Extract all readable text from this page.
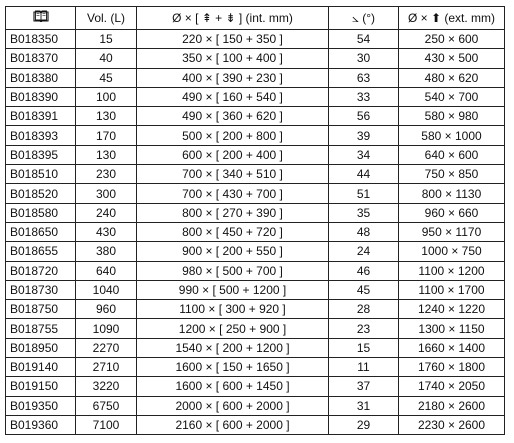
	Vol. (L)	Ø × [ ⇞ + ⇟ ] (int. mm)	⦣ (°)	Ø × ⬆ (ext. mm)
B018350	15	220 × [ 150 + 350 ]	54	250 × 600
B018370	40	350 × [ 100 + 400 ]	30	430 × 500
B018380	45	400 × [ 390 + 230 ]	63	480 × 620
B018390	100	490 × [ 160 + 540 ]	33	540 × 700
B018391	130	490 × [ 360 + 620 ]	56	580 × 980
B018393	170	500 × [ 200 + 800 ]	39	580 × 1000
B018395	130	600 × [ 200 + 400 ]	34	640 × 600
B018510	230	700 × [ 340 + 510 ]	44	750 × 850
B018520	300	700 × [ 430 + 700 ]	51	800 × 1130
B018580	240	800 × [ 270 + 390 ]	35	960 × 660
B018650	430	800 × [ 450 + 720 ]	48	950 × 1170
B018655	380	900 × [ 200 + 550 ]	24	1000 × 750
B018720	640	980 × [ 500 + 700 ]	46	1100 × 1200
B018730	1040	990 × [ 500 + 1200 ]	45	1100 × 1700
B018750	960	1100 × [ 300 + 920 ]	28	1240 × 1220
B018755	1090	1200 × [ 250 + 900 ]	23	1300 × 1150
B018950	2270	1540 × [ 200 + 1200 ]	15	1660 × 1400
B019140	2710	1600 × [ 150 + 1650 ]	11	1760 × 1800
B019150	3220	1600 × [ 600 + 1450 ]	37	1740 × 2050
B019350	6750	2000 × [ 600 + 2000 ]	31	2180 × 2600
B019360	7100	2160 × [ 600 + 2000 ]	29	2230 × 2600
